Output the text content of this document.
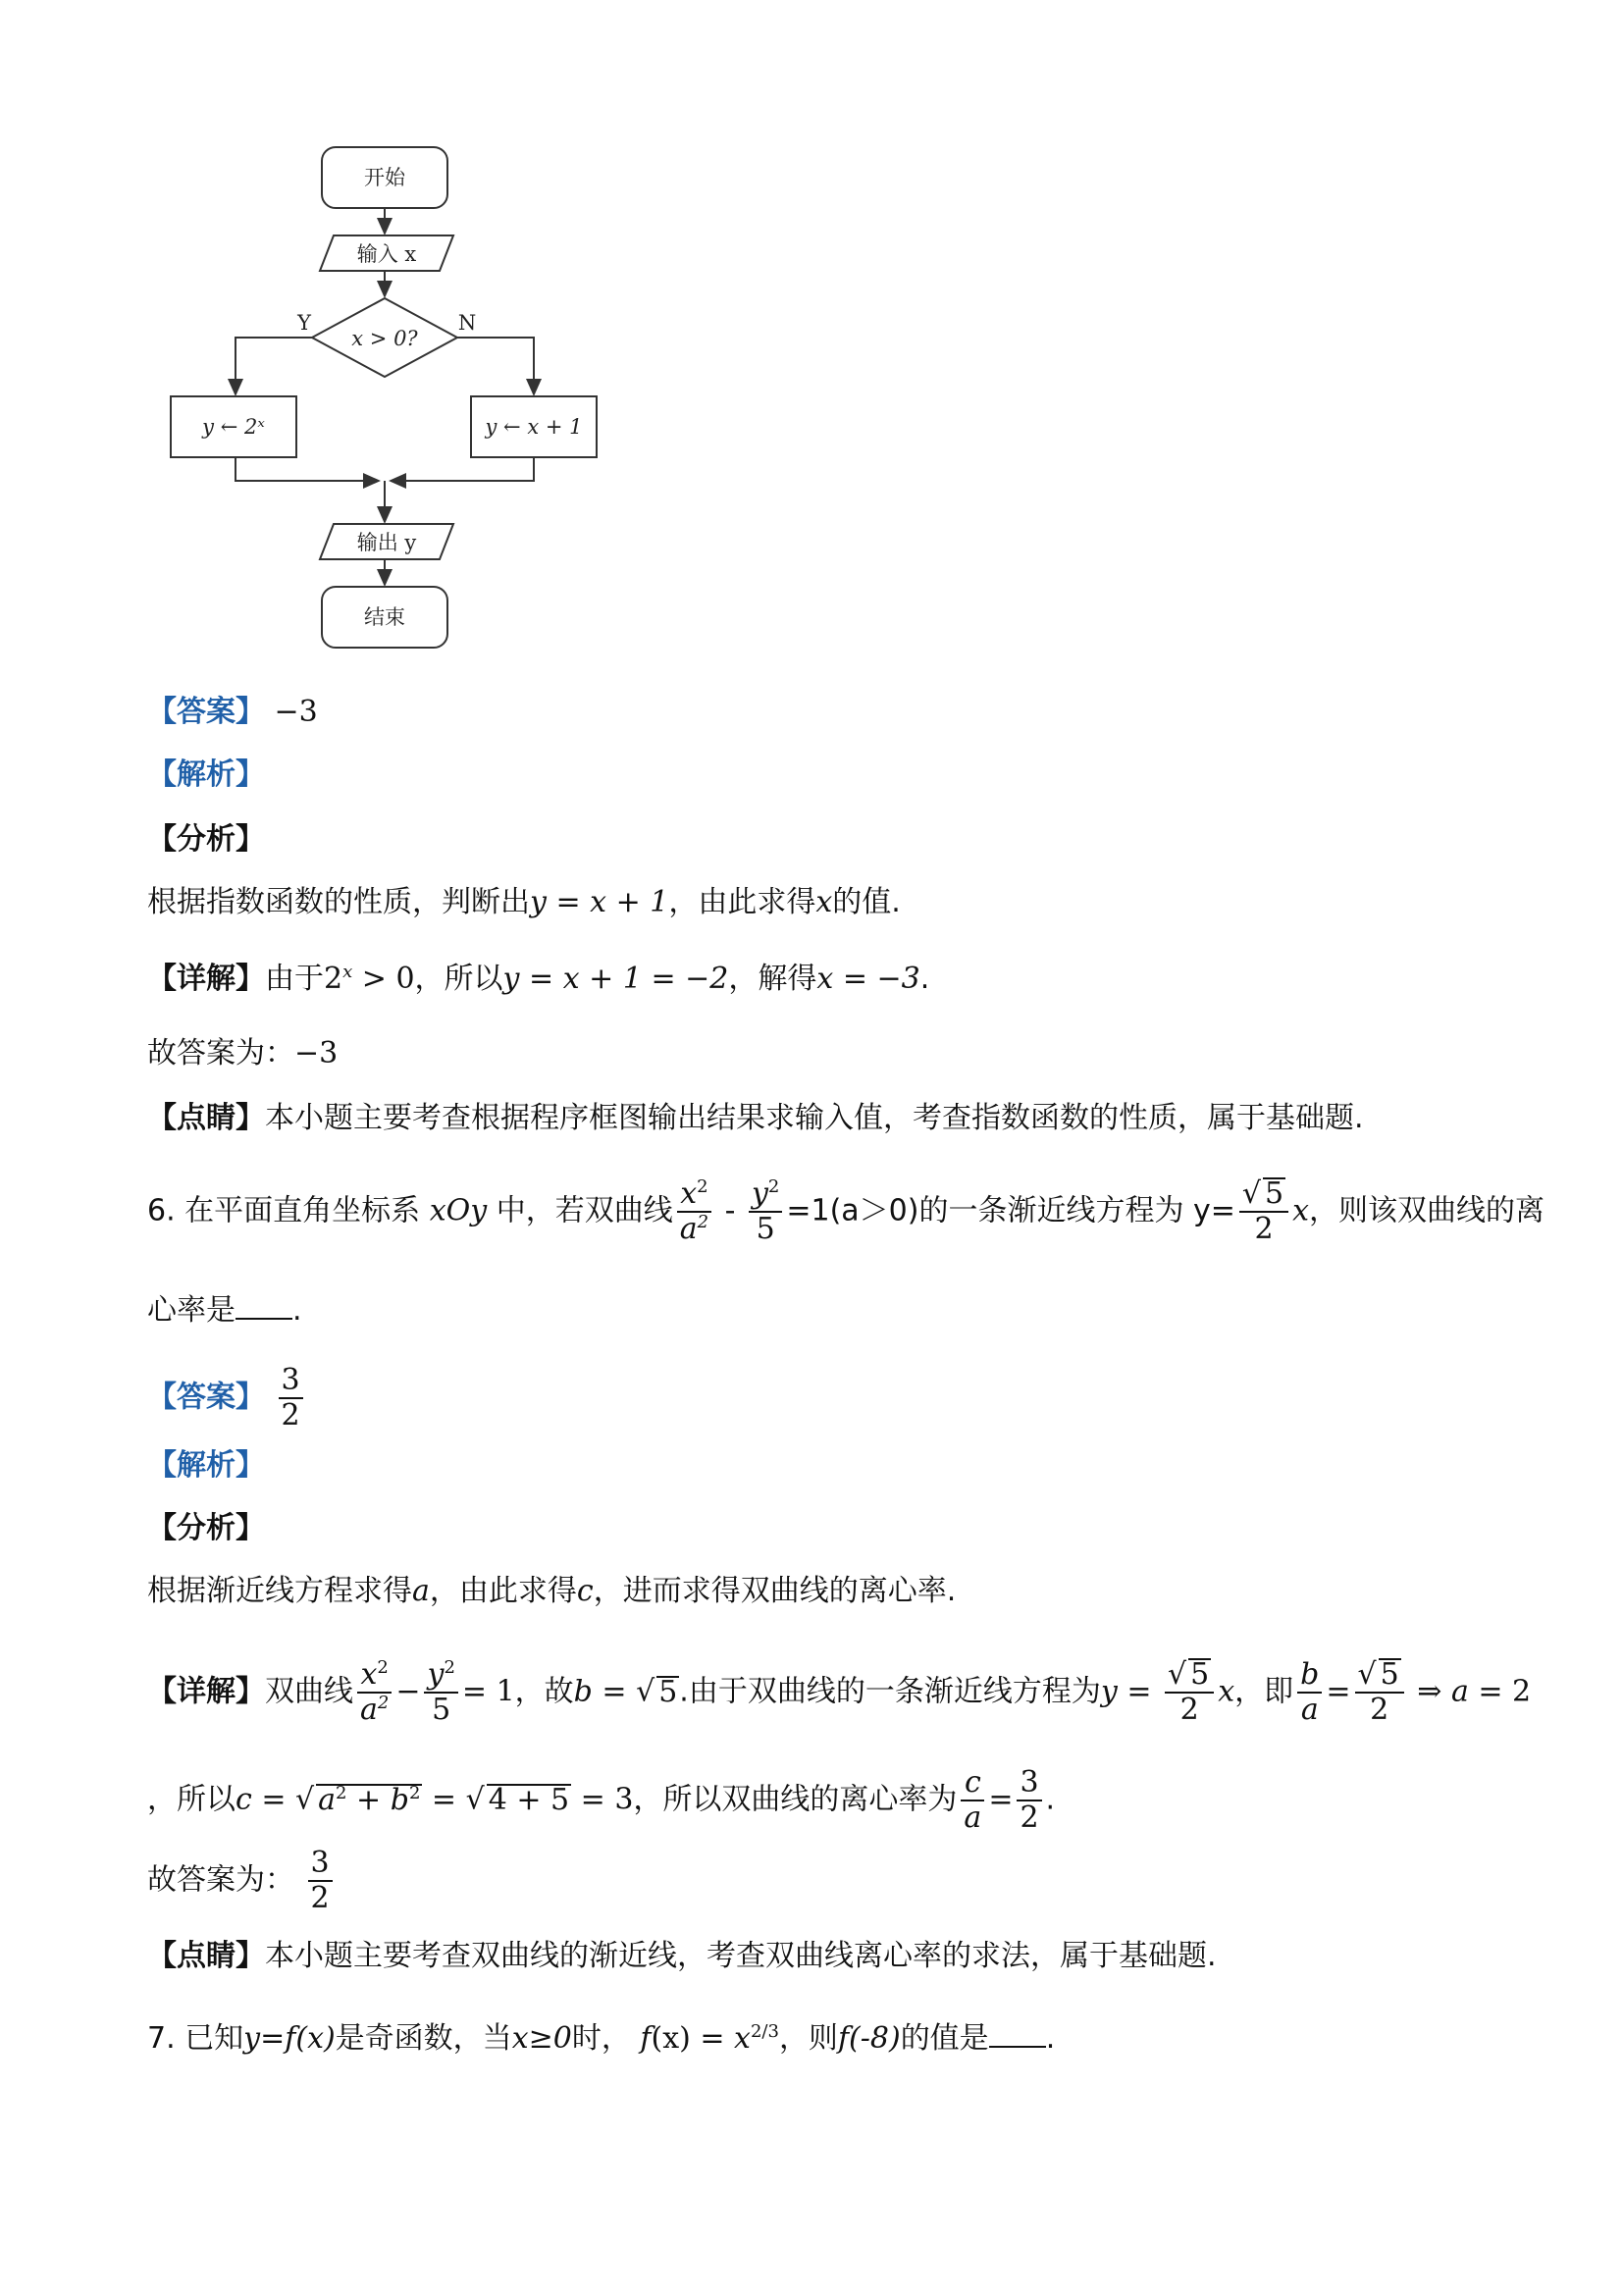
开始
输入 x
x > 0?
Y	N
y ← 2ˣ	y ← x + 1
输出 y
结束
【答案】 −3
【解析】
【分析】
根据指数函数的性质，判断出y = x + 1，由此求得x的值.
【详解】由于$2^x > 0$，所以y = x + 1 = −2，解得x = −3.
故答案为：−3
【点睛】本小题主要考查根据程序框图输出结果求输入值，考查指数函数的性质，属于基础题.
6. 在平面直角坐标系 xOy 中，若双曲线 $\frac{x^2}{a^2} - \frac{y^2}{5} =1(a>0)$的一条渐近线方程为 $y= \frac{√ 5}{2}$ x，则该双曲线的离
心率是 .
【答案】 $\frac{3}{2}$
【解析】
【分析】
根据渐近线方程求得a，由此求得c，进而求得双曲线的离心率.
【详解】双曲线 $\frac{x^2}{a^2} - \frac{y^2}{5} = 1$，故b = √ 5.由于双曲线的一条渐近线方程为$y = \frac{√ 5}{2}$ x，即 $\frac{b}{a} = \frac{√ 5}{2}$ ⇒ a = 2
，所以c = √ $a^2 + b^2$ = √ 4 + 5 = 3，所以双曲线的离心率为 $\frac{c}{a} = \frac{3}{2}$ .
故答案为： $\frac{3}{2}$
【点睛】本小题主要考查双曲线的渐近线，考查双曲线离心率的求法，属于基础题.
7. 已知y=f(x)是奇函数，当x≥0时， $f(x) = x^{2/3}$，则f(-8)的值是 .
